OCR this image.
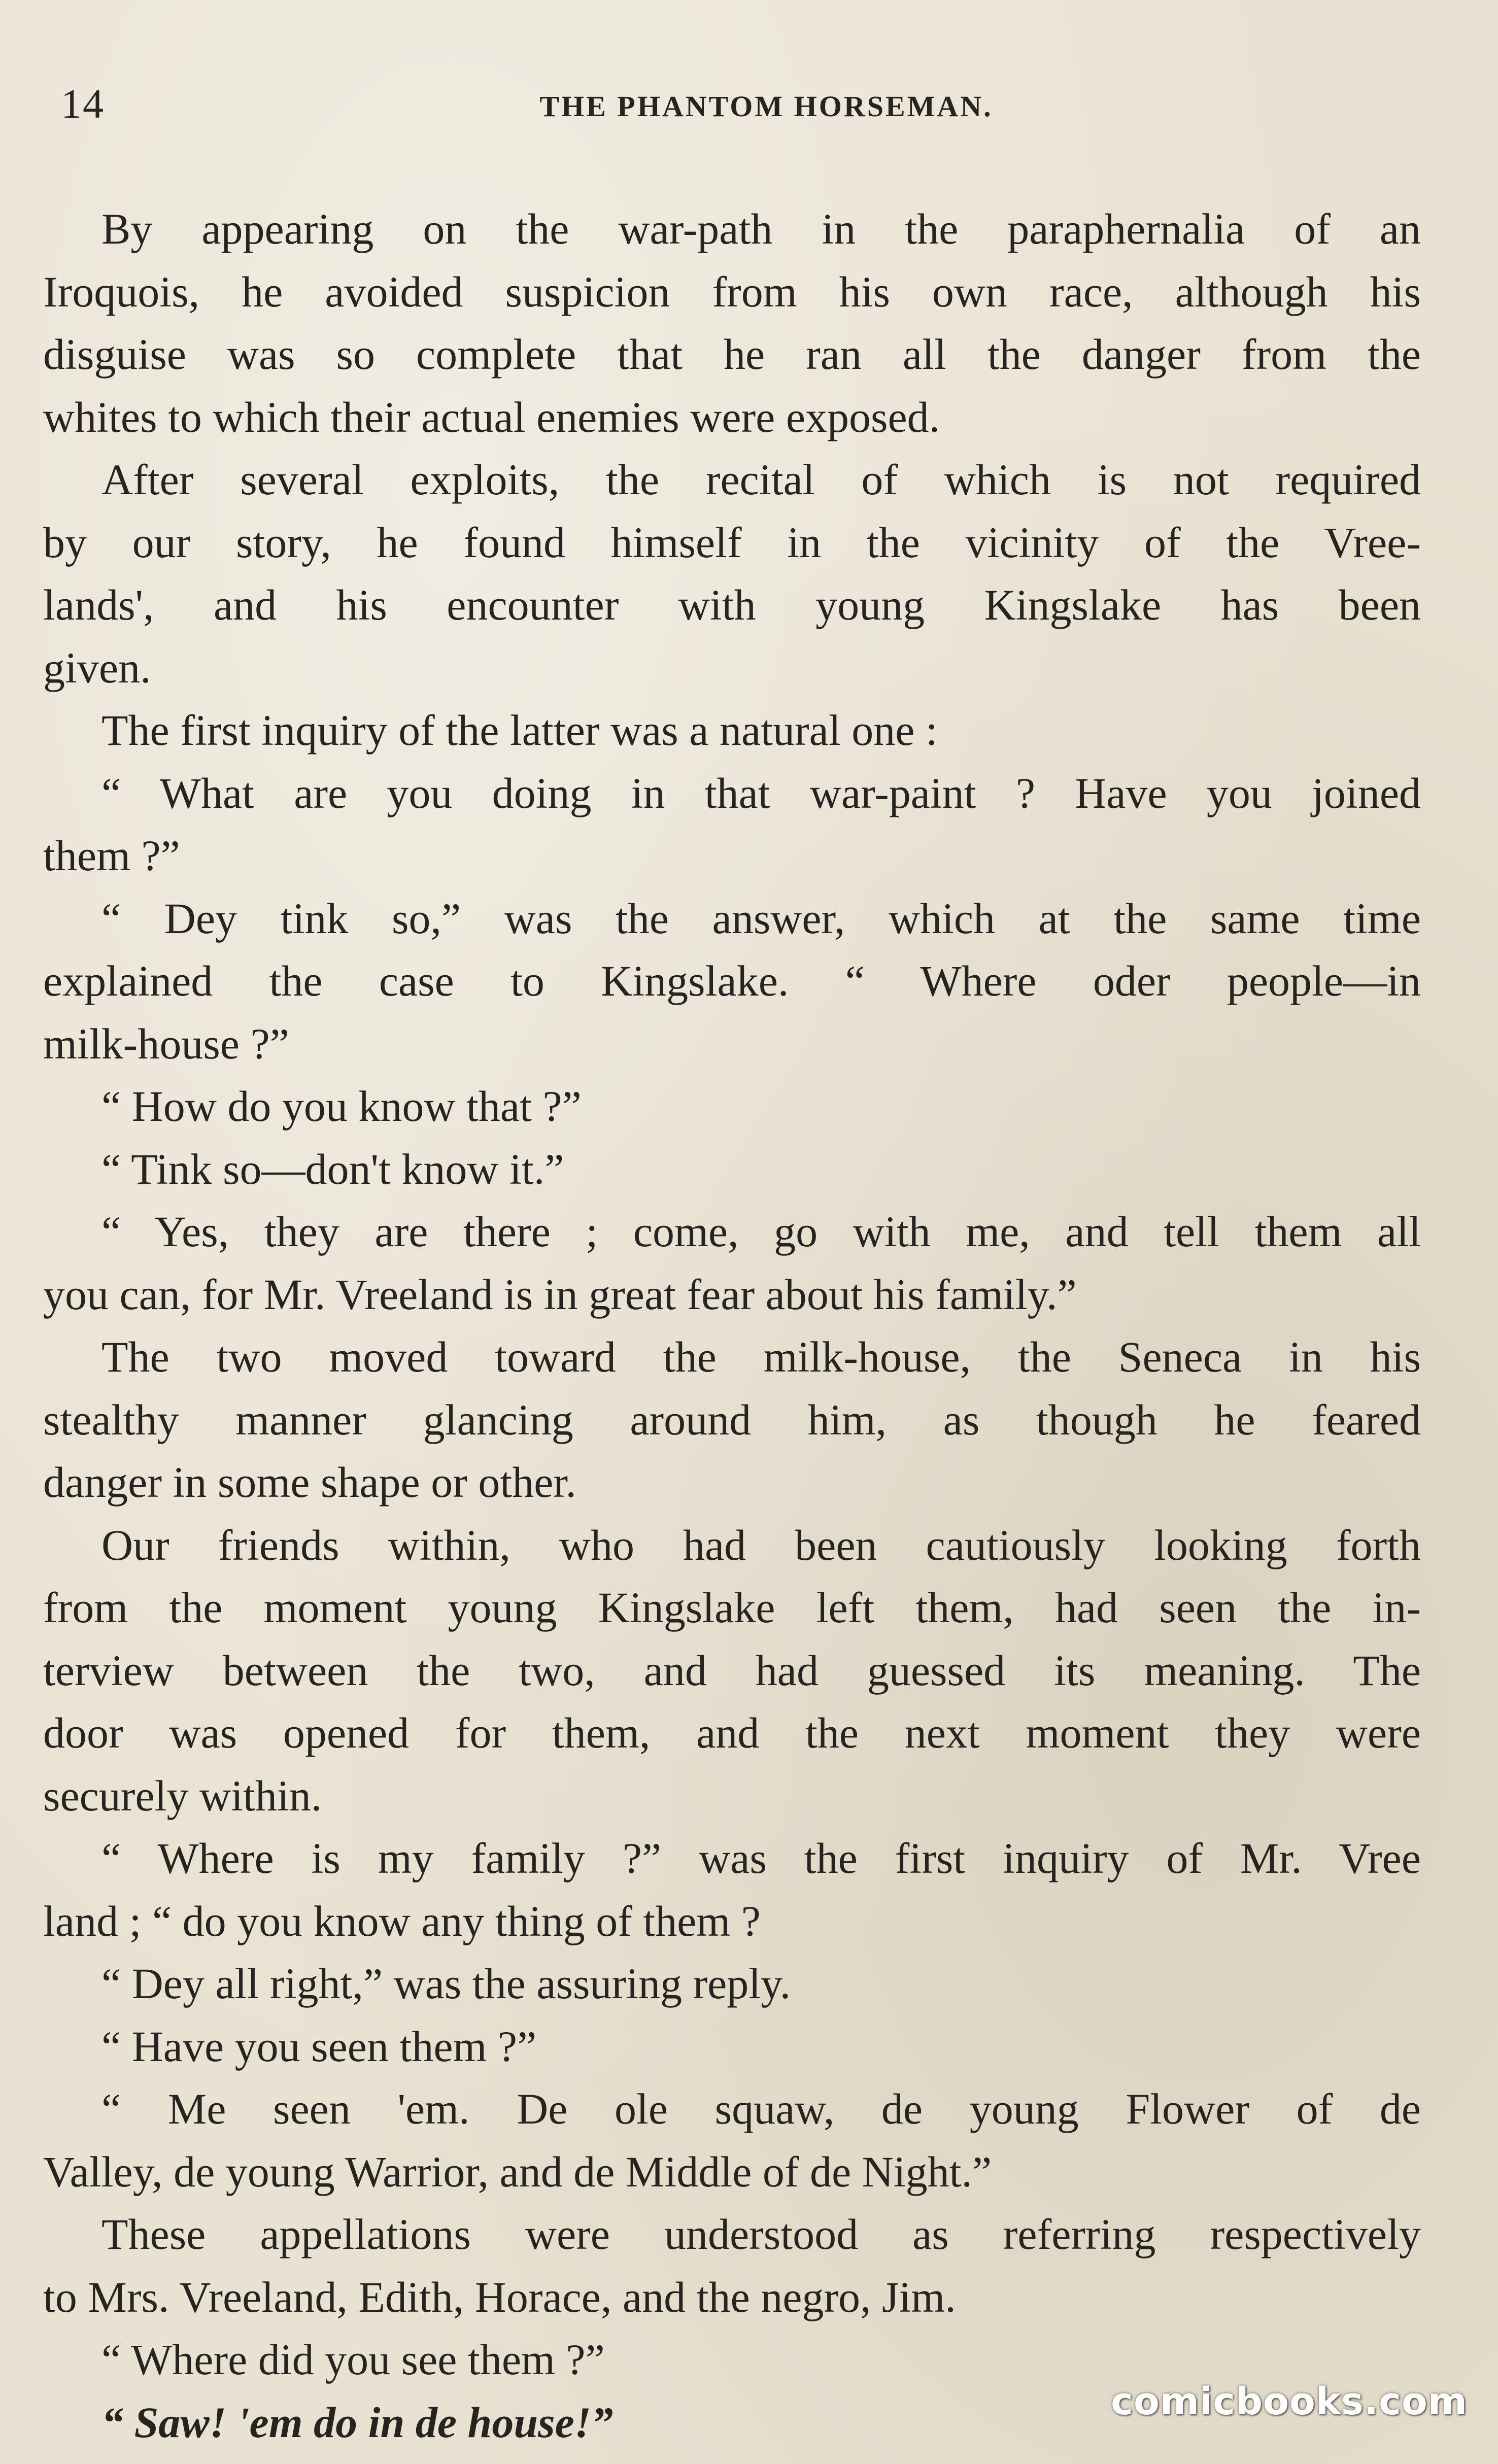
14	THE PHANTOM HORSEMAN.
By appearing on the war-path in the paraphernalia of an
Iroquois, he avoided suspicion from his own race, although his
disguise was so complete that he ran all the danger from the
whites to which their actual enemies were exposed.
After several exploits, the recital of which is not required
by our story, he found himself in the vicinity of the Vree-
lands', and his encounter with young Kingslake has been
given.
The first inquiry of the latter was a natural one :
“ What are you doing in that war-paint ? Have you joined
them ?”
“ Dey tink so,” was the answer, which at the same time
explained the case to Kingslake. “ Where oder people—in
milk-house ?”
“ How do you know that ?”
“ Tink so—don't know it.”
“ Yes, they are there ; come, go with me, and tell them all
you can, for Mr. Vreeland is in great fear about his family.”
The two moved toward the milk-house, the Seneca in his
stealthy manner glancing around him, as though he feared
danger in some shape or other.
Our friends within, who had been cautiously looking forth
from the moment young Kingslake left them, had seen the in-
terview between the two, and had guessed its meaning. The
door was opened for them, and the next moment they were
securely within.
“ Where is my family ?” was the first inquiry of Mr. Vree
land ; “ do you know any thing of them ?
“ Dey all right,” was the assuring reply.
“ Have you seen them ?”
“ Me seen 'em. De ole squaw, de young Flower of de
Valley, de young Warrior, and de Middle of de Night.”
These appellations were understood as referring respectively
to Mrs. Vreeland, Edith, Horace, and the negro, Jim.
“ Where did you see them ?”
“ Saw! 'em do in de house!”	comicbooks.com
